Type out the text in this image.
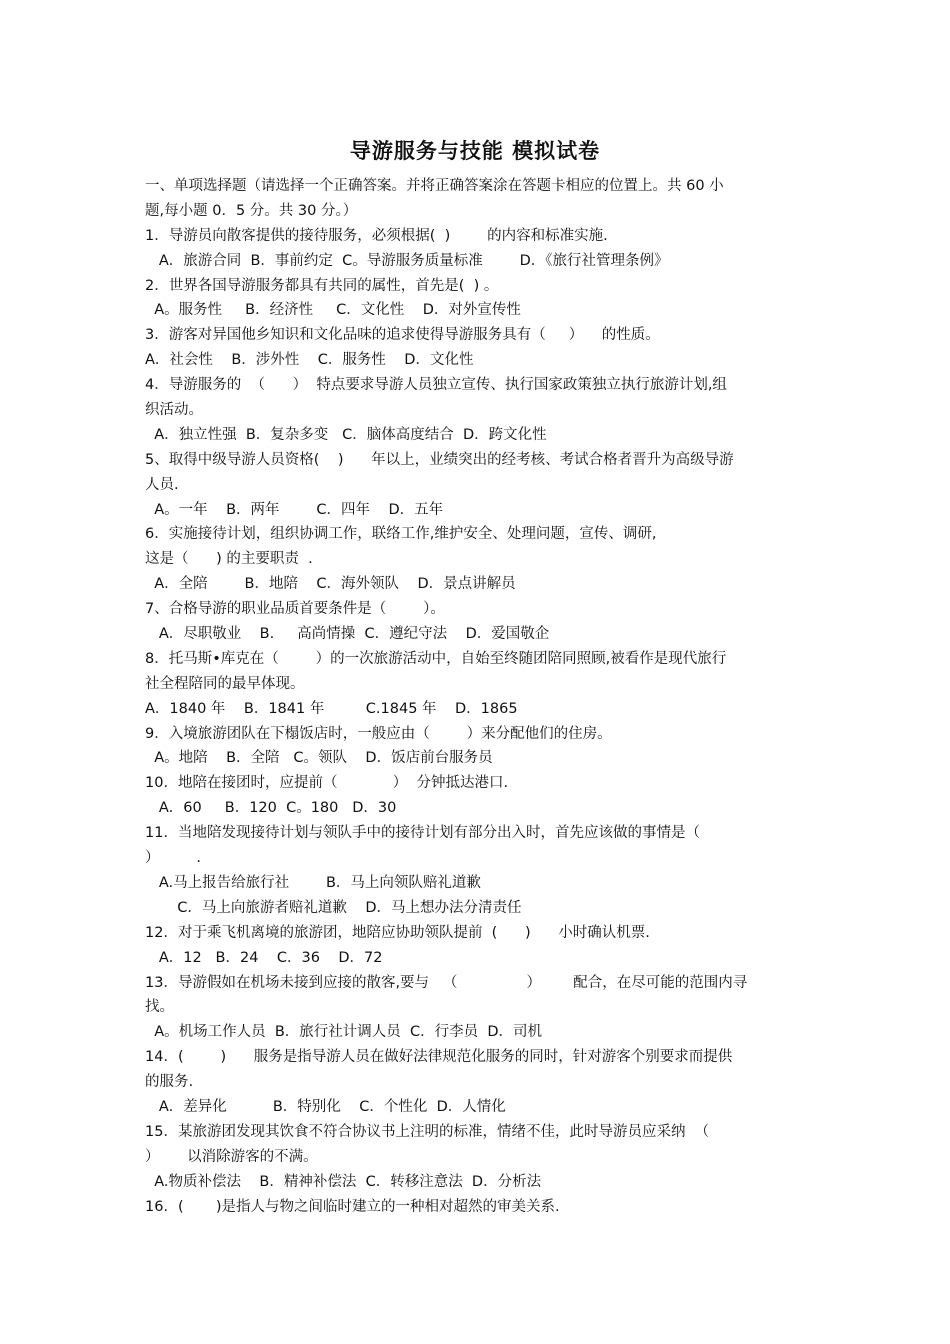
导游服务与技能 模拟试卷
一、单项选择题（请选择一个正确答案。并将正确答案涂在答题卡相应的位置上。共 60 小
题,每小题 0．5 分。共 30 分。）
1．导游员向散客提供的接待服务，必须根据(  )        的内容和标准实施.
A．旅游合同  B．事前约定  C。导游服务质量标准        D．《旅行社管理条例》
2．世界各国导游服务都具有共同的属性，首先是(  ) 。
A。服务性     B．经济性     C．文化性    D．对外宣传性
3．游客对异国他乡知识和文化品味的追求使得导游服务具有（     ）    的性质。
A．社会性    B．涉外性    C．服务性    D．文化性
4．导游服务的  （      ）  特点要求导游人员独立宣传、执行国家政策独立执行旅游计划,组
织活动。
A．独立性强  B．复杂多变   C．脑体高度结合  D．跨文化性
5、取得中级导游人员资格(    )      年以上，业绩突出的经考核、考试合格者晋升为高级导游
人员.
A。一年    B．两年        C．四年    D．五年
6．实施接待计划，组织协调工作，联络工作,维护安全、处理问题，宣传、调研,
这是（      ) 的主要职责  .
A．全陪        B．地陪    C．海外领队    D．景点讲解员
7、合格导游的职业品质首要条件是（        ）。
A．尽职敬业    B.     高尚情操  C．遵纪守法    D．爱国敬企
8．托马斯•库克在（        ）的一次旅游活动中，自始至终随团陪同照顾,被看作是现代旅行
社全程陪同的最早体现。
A．1840 年    B．1841 年         C.1845 年    D．1865
9．入境旅游团队在下榻饭店时，一般应由（        ）来分配他们的住房。
A。地陪    B．全陪   C。领队    D．饭店前台服务员
10．地陪在接团时，应提前（            ）  分钟抵达港口.
A．60     B．120  C。180   D．30
11．当地陪发现接待计划与领队手中的接待计划有部分出入时，首先应该做的事情是（
）        .
A.马上报告给旅行社        B．马上向领队赔礼道歉
C．马上向旅游者赔礼道歉    D．马上想办法分清责任
12．对于乘飞机离境的旅游团，地陪应协助领队提前  (      )      小时确认机票.
A．12   B．24    C．36    D．72
13．导游假如在机场未接到应接的散客,要与   （               ）       配合，在尽可能的范围内寻
找。
A。机场工作人员  B．旅行社计调人员  C．行李员  D．司机
14．(        )      服务是指导游人员在做好法律规范化服务的同时，针对游客个别要求而提供
的服务.
A．差异化          B．特别化    C．个性化  D．人情化
15．某旅游团发现其饮食不符合协议书上注明的标准，情绪不佳，此时导游员应采纳  （
）      以消除游客的不满。
A.物质补偿法    B．精神补偿法  C．转移注意法  D．分析法
16．(       )是指人与物之间临时建立的一种相对超然的审美关系.
